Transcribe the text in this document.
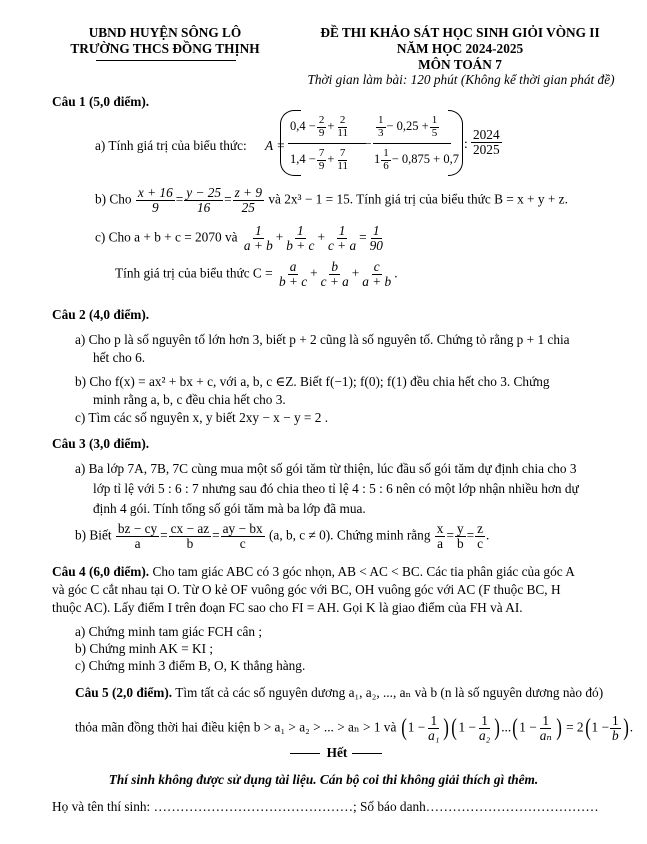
UBND HUYỆN SÔNG LÔ
TRƯỜNG THCS ĐỒNG THỊNH
ĐỀ THI KHẢO SÁT HỌC SINH GIỎI VÒNG II
NĂM HỌC 2024-2025
MÔN TOÁN 7
Thời gian làm bài: 120 phút (Không kể thời gian phát đề)
Câu 1 (5,0 điểm).
a) Tính giá trị của biểu thức: A =
$0,4 - \frac{2}{9} + \frac{2}{11}$
$1,4 - \frac{7}{9} + \frac{7}{11}$
−
$\frac{1}{3} - 0,25 + \frac{1}{5}$
$1 \frac{1}{6} - 0,875 + 0,7$
: $\frac{2024}{2025}$
b) Cho $\frac{x + 16}{9} = \frac{y - 25}{16} = \frac{z + 9}{25}$ và 2x³ − 1 = 15. Tính giá trị của biểu thức B = x + y + z.
c) Cho a + b + c = 2070 và $\frac{1}{a + b} + \frac{1}{b + c} + \frac{1}{c + a} = \frac{1}{90}$
Tính giá trị của biểu thức $C = \frac{a}{b + c} + \frac{b}{c + a} + \frac{c}{a + b}$ .
Câu 2 (4,0 điểm).
a) Cho p là số nguyên tố lớn hơn 3, biết p + 2 cũng là số nguyên tố. Chứng tỏ rằng p + 1 chia
hết cho 6.
b) Cho f(x) = ax² + bx + c, với a, b, c ∈Z. Biết f(−1); f(0); f(1) đều chia hết cho 3. Chứng
minh rằng a, b, c đều chia hết cho 3.
c) Tìm các số nguyên x, y biết 2xy − x − y = 2 .
Câu 3 (3,0 điểm).
a) Ba lớp 7A, 7B, 7C cùng mua một số gói tăm từ thiện, lúc đầu số gói tăm dự định chia cho 3
lớp tỉ lệ với 5 : 6 : 7 nhưng sau đó chia theo tỉ lệ 4 : 5 : 6 nên có một lớp nhận nhiều hơn dự
định 4 gói. Tính tổng số gói tăm mà ba lớp đã mua.
b) Biết $\frac{bz - cy}{a} = \frac{cx - az}{b} = \frac{ay - bx}{c} (a$, b, c ≠ 0). Chứng minh rằng $\frac{x}{a} = \frac{y}{b} = \frac{z}{c}$ .
Câu 4 (6,0 điểm). Cho tam giác ABC có 3 góc nhọn, AB < AC < BC. Các tia phân giác của góc A
và góc C cắt nhau tại O. Từ O kẻ OF vuông góc với BC, OH vuông góc với AC (F thuộc BC, H
thuộc AC). Lấy điểm I trên đoạn FC sao cho FI = AH. Gọi K là giao điểm của FH và AI.
a) Chứng minh tam giác FCH cân ;
b) Chứng minh AK = KI ;
c) Chứng minh 3 điểm B, O, K thẳng hàng.
Câu 5 (2,0 điểm). Tìm tất cả các số nguyên dương a₁, a₂, ..., aₙ và b (n là số nguyên dương nào đó)
thỏa mãn đồng thời hai điều kiện b > a₁ > a₂ > ... > aₙ > 1 và $(1 - \frac{1}{\text{a₁}} )(1 - \frac{1}{\text{a₂}} )...(1 - \frac{1}{\text{aₙ}}$ ) = $2(1 - \frac{1}{b}$ ).
Hết
Thí sinh không được sử dụng tài liệu. Cán bộ coi thi không giải thích gì thêm.
Họ và tên thí sinh: ………………………………………; Số báo danh…………………………………
